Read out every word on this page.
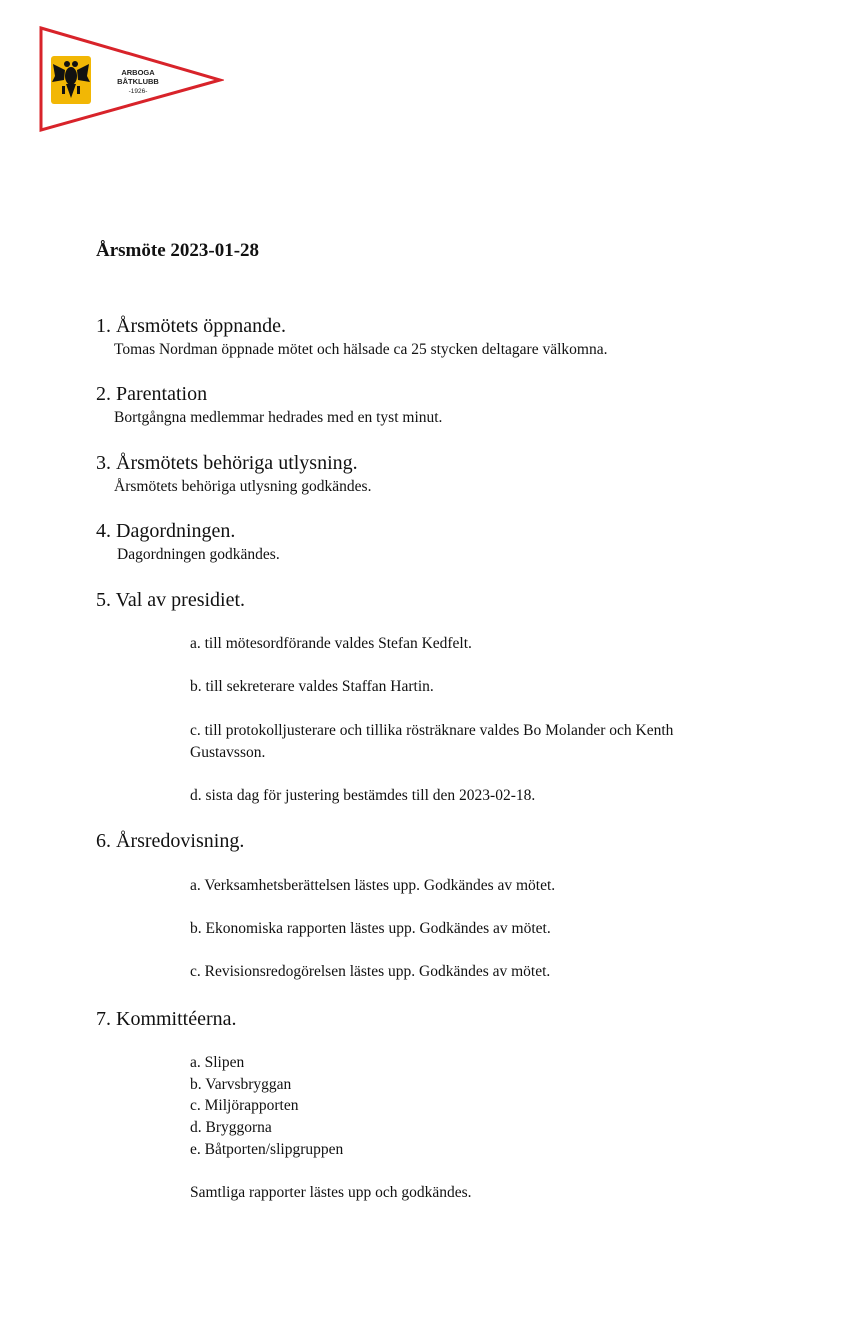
ARBOGA
BÅTKLUBB
-1926-
Årsmöte 2023-01-28
1. Årsmötets öppnande.

Tomas Nordman öppnade mötet och hälsade ca 25 stycken deltagare välkomna.

2. Parentation

Bortgångna medlemmar hedrades med en tyst minut.

3. Årsmötets behöriga utlysning.

Årsmötets behöriga utlysning godkändes.

4. Dagordningen.

Dagordningen godkändes.

5. Val av presidiet.
a. till mötesordförande valdes Stefan Kedfelt.
b. till sekreterare valdes Staffan Hartin.
c. till protokolljusterare och tillika rösträknare valdes Bo Molander och Kenth Gustavsson.
d. sista dag för justering bestämdes till den 2023-02-18.
6. Årsredovisning.
a. Verksamhetsberättelsen lästes upp. Godkändes av mötet.
b. Ekonomiska rapporten lästes upp. Godkändes av mötet.
c. Revisionsredogörelsen lästes upp. Godkändes av mötet.
7. Kommittéerna.
a. Slipen
b. Varvsbryggan
c. Miljörapporten
d. Bryggorna
e. Båtporten/slipgruppen
Samtliga rapporter lästes upp och godkändes.
